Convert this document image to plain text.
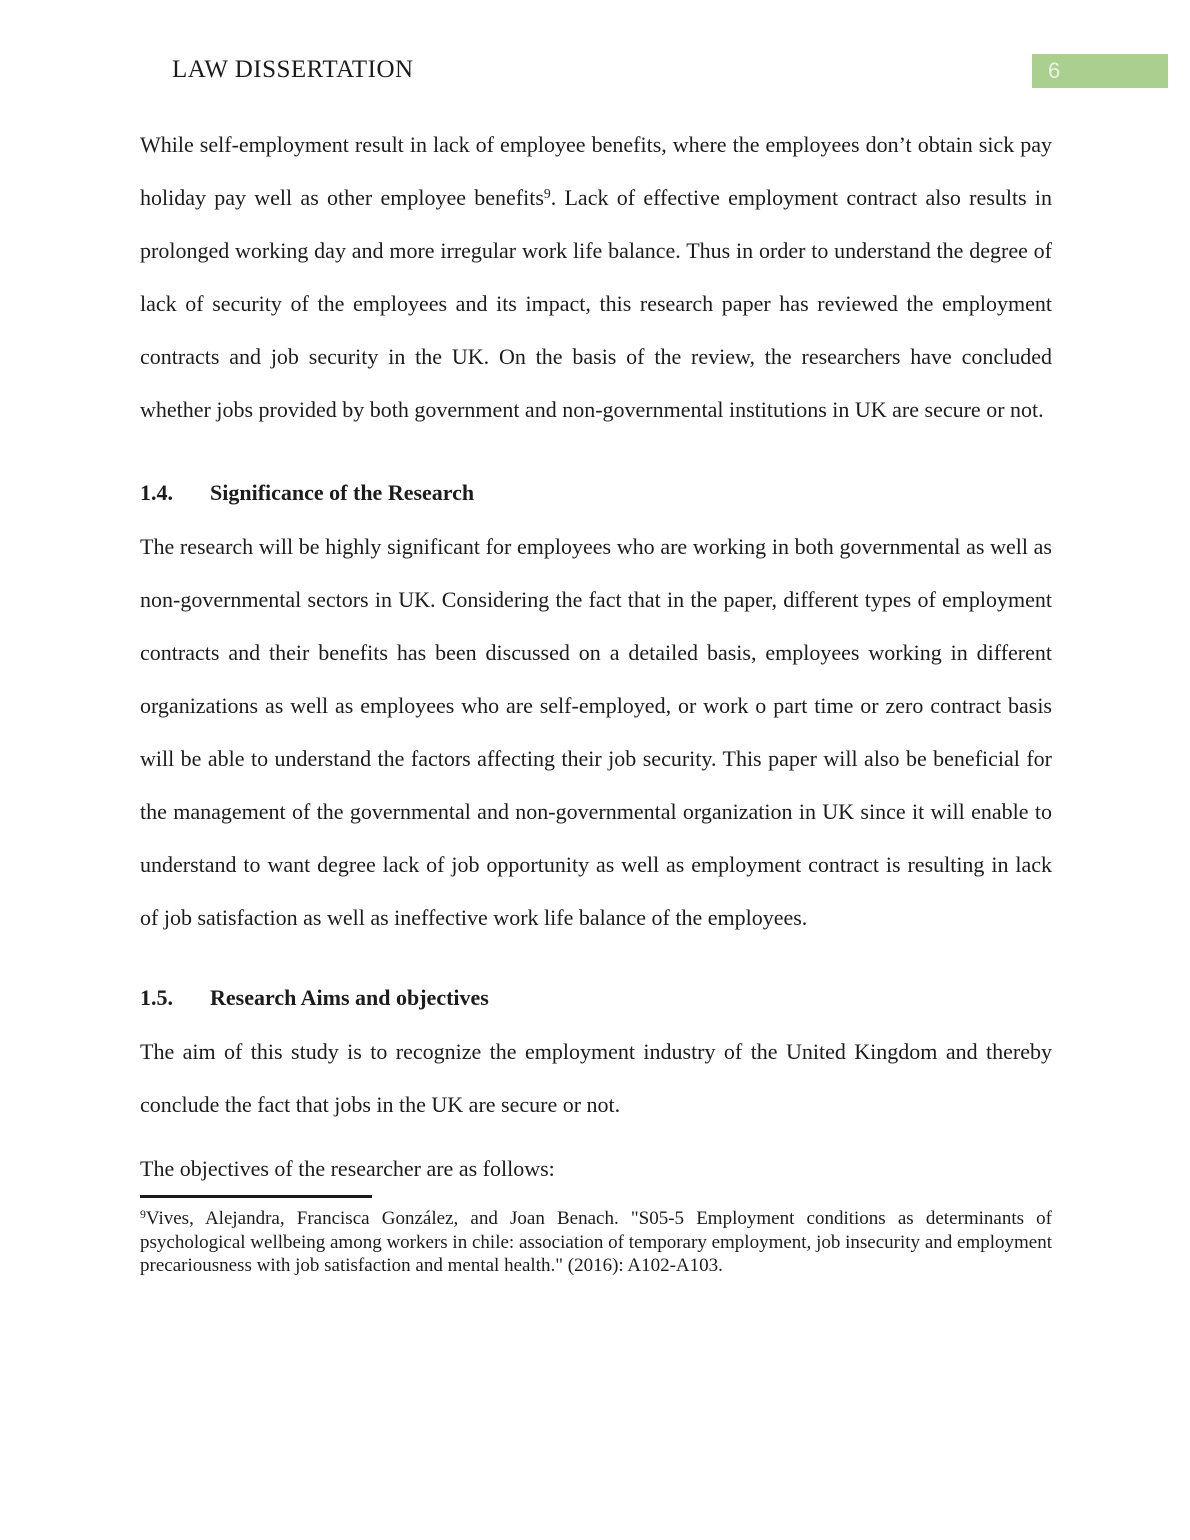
LAW DISSERTATION	6

While self-employment result in lack of employee benefits, where the employees don’t obtain sick pay holiday pay well as other employee benefits$^9$. Lack of effective employment contract also results in prolonged working day and more irregular work life balance. Thus in order to understand the degree of lack of security of the employees and its impact, this research paper has reviewed the employment contracts and job security in the UK. On the basis of the review, the researchers have concluded whether jobs provided by both government and non-governmental institutions in UK are secure or not.

1.4. Significance of the Research

The research will be highly significant for employees who are working in both governmental as well as non-governmental sectors in UK. Considering the fact that in the paper, different types of employment contracts and their benefits has been discussed on a detailed basis, employees working in different organizations as well as employees who are self-employed, or work o part time or zero contract basis will be able to understand the factors affecting their job security. This paper will also be beneficial for the management of the governmental and non-governmental organization in UK since it will enable to understand to want degree lack of job opportunity as well as employment contract is resulting in lack of job satisfaction as well as ineffective work life balance of the employees.

1.5. Research Aims and objectives

The aim of this study is to recognize the employment industry of the United Kingdom and thereby conclude the fact that jobs in the UK are secure or not.

The objectives of the researcher are as follows:

$^9$Vives, Alejandra, Francisca González, and Joan Benach. "S05-5 Employment conditions as determinants of psychological wellbeing among workers in chile: association of temporary employment, job insecurity and employment precariousness with job satisfaction and mental health." (2016): A102-A103.
